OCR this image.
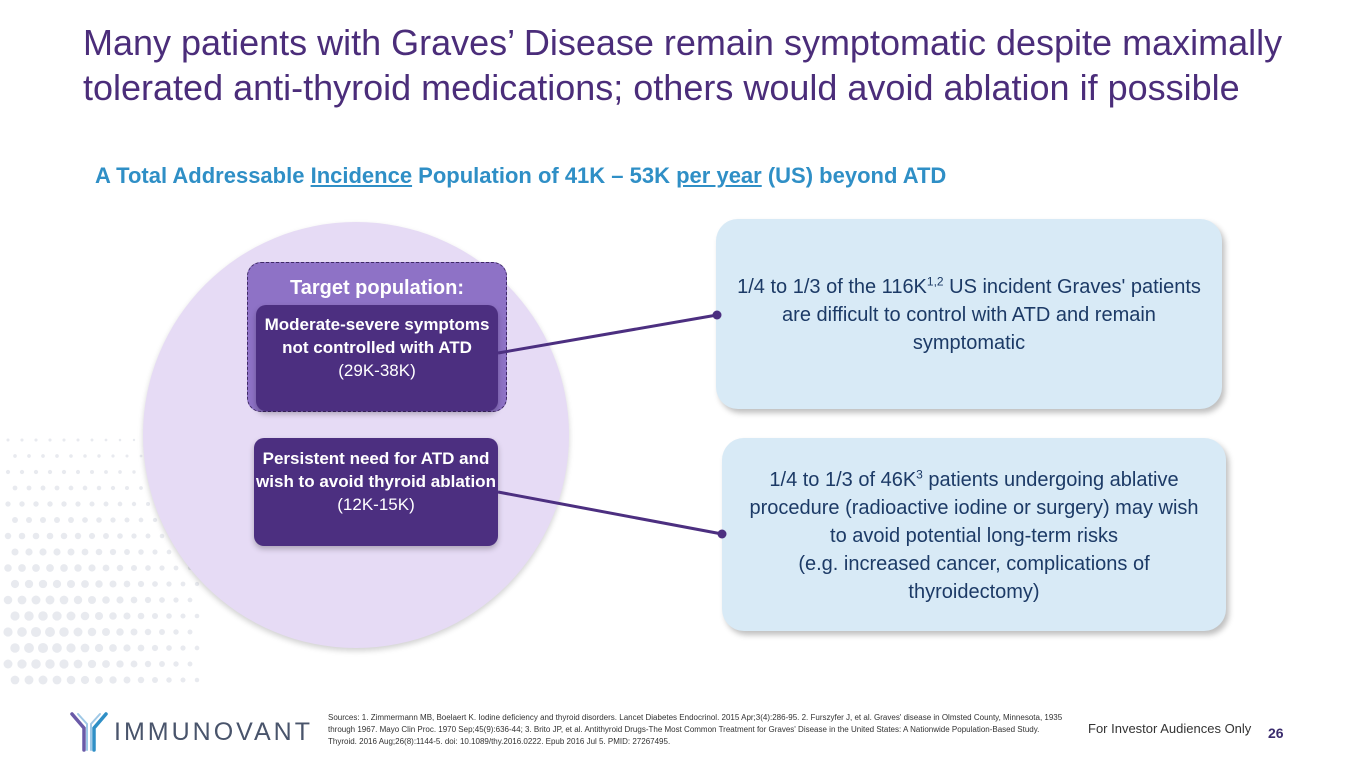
Many patients with Graves’ Disease remain symptomatic despite maximally tolerated anti-thyroid medications; others would avoid ablation if possible
A Total Addressable Incidence Population of 41K – 53K per year (US) beyond ATD
Target population:
Moderate-severe symptoms not controlled with ATD
(29K-38K)
Persistent need for ATD and wish to avoid thyroid ablation
(12K-15K)
1/4 to 1/3 of the $116K^{1,2}$ US incident Graves' patients are difficult to control with ATD and remain symptomatic
1/4 to 1/3 of $46K^3$ patients undergoing ablative procedure (radioactive iodine or surgery) may wish to avoid potential long-term risks
(e.g. increased cancer, complications of thyroidectomy)
IMMUNOVANT
Sources: 1. Zimmermann MB, Boelaert K. Iodine deficiency and thyroid disorders. Lancet Diabetes Endocrinol. 2015 Apr;3(4):286-95. 2. Furszyfer J, et al. Graves' disease in Olmsted County, Minnesota, 1935 through 1967. Mayo Clin Proc. 1970 Sep;45(9):636-44; 3. Brito JP, et al. Antithyroid Drugs-The Most Common Treatment for Graves' Disease in the United States: A Nationwide Population-Based Study. Thyroid. 2016 Aug;26(8):1144-5. doi: 10.1089/thy.2016.0222. Epub 2016 Jul 5. PMID: 27267495.
For Investor Audiences Only 26
